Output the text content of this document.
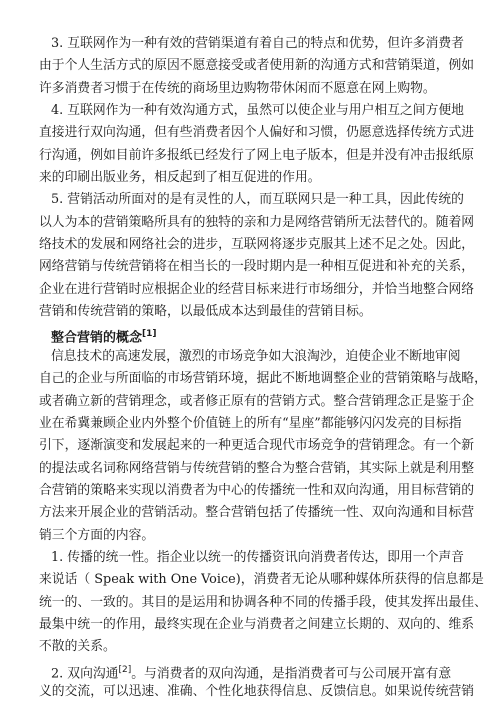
3. 互联网作为一种有效的营销渠道有着自己的特点和优势，但许多消费者
由于个人生活方式的原因不愿意接受或者使用新的沟通方式和营销渠道，例如
许多消费者习惯于在传统的商场里边购物带休闲而不愿意在网上购物。
4. 互联网作为一种有效沟通方式，虽然可以使企业与用户相互之间方便地
直接进行双向沟通，但有些消费者因个人偏好和习惯，仍愿意选择传统方式进
行沟通，例如目前许多报纸已经发行了网上电子版本，但是并没有冲击报纸原
来的印刷出版业务，相反起到了相互促进的作用。
5. 营销活动所面对的是有灵性的人，而互联网只是一种工具，因此传统的
以人为本的营销策略所具有的独特的亲和力是网络营销所无法替代的。随着网
络技术的发展和网络社会的进步，互联网将逐步克服其上述不足之处。因此，
网络营销与传统营销将在相当长的一段时期内是一种相互促进和补充的关系，
企业在进行营销时应根据企业的经营目标来进行市场细分，并恰当地整合网络
营销和传统营销的策略，以最低成本达到最佳的营销目标。
整合营销的概念[1]
信息技术的高速发展，激烈的市场竞争如大浪淘沙，迫使企业不断地审阅
自己的企业与所面临的市场营销环境，据此不断地调整企业的营销策略与战略，
或者确立新的营销理念，或者修正原有的营销方式。整合营销理念正是鉴于企
业在希冀兼顾企业内外整个价值链上的所有“星座”都能够闪闪发亮的目标指
引下，逐渐演变和发展起来的一种更适合现代市场竞争的营销理念。有一个新
的提法或名词称网络营销与传统营销的整合为整合营销，其实际上就是利用整
合营销的策略来实现以消费者为中心的传播统一性和双向沟通，用目标营销的
方法来开展企业的营销活动。整合营销包括了传播统一性、双向沟通和目标营
销三个方面的内容。
1. 传播的统一性。指企业以统一的传播资讯向消费者传达，即用一个声音
来说话（ Speak with One Voice)，消费者无论从哪种媒体所获得的信息都是
统一的、一致的。其目的是运用和协调各种不同的传播手段，使其发挥出最佳、
最集中统一的作用，最终实现在企业与消费者之间建立长期的、双向的、维系
不散的关系。
2. 双向沟通[2]。与消费者的双向沟通，是指消费者可与公司展开富有意
义的交流，可以迅速、准确、个性化地获得信息、反馈信息。如果说传统营销
